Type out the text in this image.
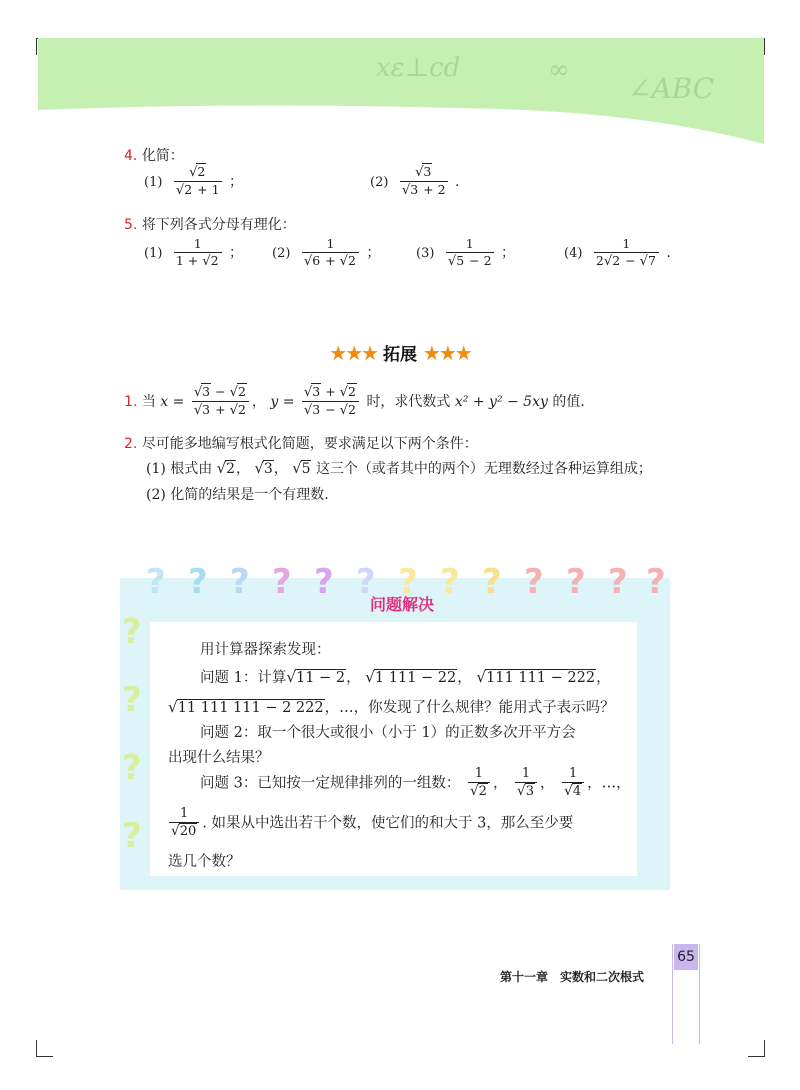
xε⊥cd	∞
∠ABC
4. 化简：
$(1) \frac{√2}{√2 + 1}$ ；	$(2) \frac{√3}{√3 + 2}$ .
5. 将下列各式分母有理化：
$(1) \frac{1}{1 + √2}$ ； $(2) \frac{1}{√6 + √2}$ ；	$(3) \frac{1}{√5 - 2}$ ；	$(4) \frac{1}{2√2 - √7}$ .
★★★ 拓展 ★★★
1. 当 $x = \frac{√3 - √2}{√3 + √2}$ ， $y = \frac{√3 + √2}{√3 - √2}$ 时，求代数式 x² + y² − 5xy 的值.
2. 尽可能多地编写根式化简题，要求满足以下两个条件：
(1) 根式由 √2， √3， √5 这三个（或者其中的两个）无理数经过各种运算组成；
(2) 化简的结果是一个有理数.
? ? ? ? ? ? ? ? ? ? ? ? ?
?
?
?
?
问题解决
用计算器探索发现：
问题 1：计算√11 − 2， √1 111 − 22， √111 111 − 222，
√11 111 111 − 2 222，…，你发现了什么规律？能用式子表示吗？
问题 2：取一个很大或很小（小于 1）的正数多次开平方会
出现什么结果？
问题 3：已知按一定规律排列的一组数： $\frac{1}{√2}$ ， $\frac{1}{√3}$ ， $\frac{1}{√4}$ ，…，
$\frac{1}{√20}$ . 如果从中选出若干个数，使它们的和大于 3，那么至少要
选几个数？
65
第十一章　实数和二次根式
